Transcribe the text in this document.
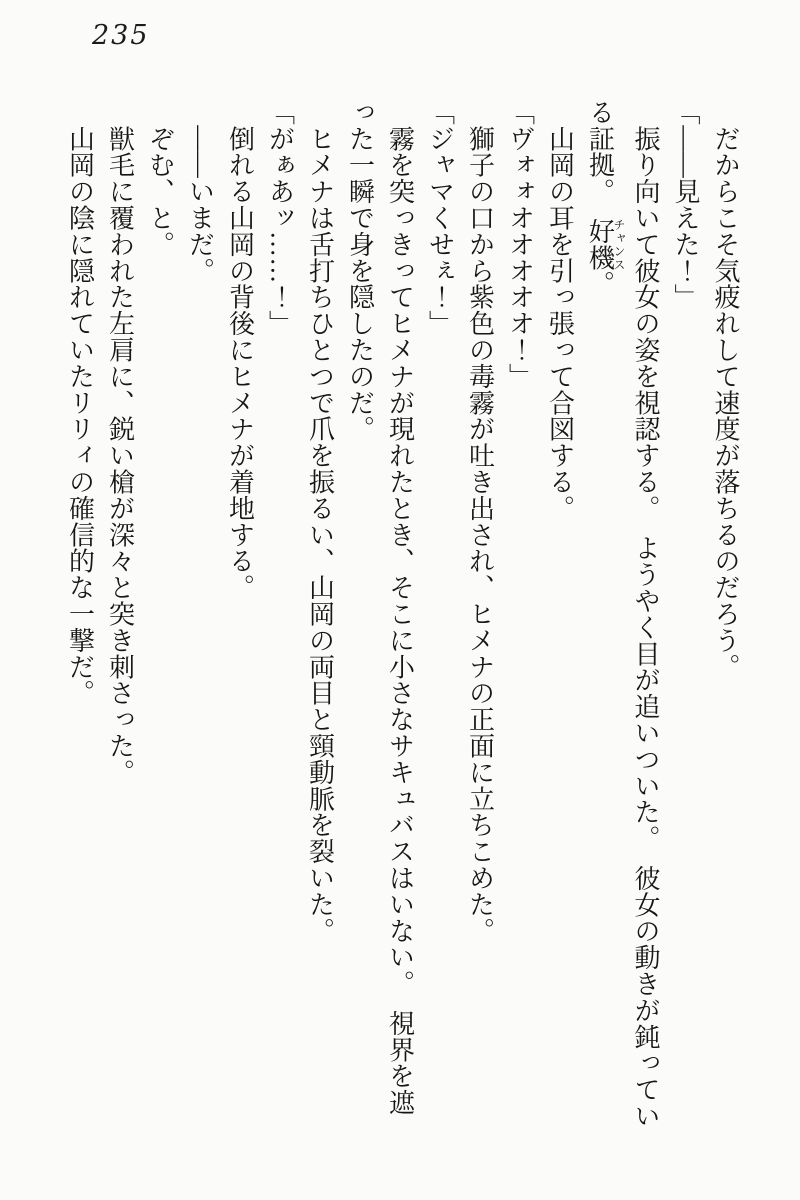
235

　だからこそ気疲れして速度が落ちるのだろう。

「——見えた！」

　振り向いて彼女の姿を視認する。　ようやく目が追いついた。　彼女の動きが鈍ってい

る証拠。　好機チャンス。

　山岡の耳を引っ張って合図する。

「ヴォォオオオオオ！」

　獅子の口から紫色の毒霧が吐き出され、ヒメナの正面に立ちこめた。

「ジャマくせぇ！」

　霧を突っきってヒメナが現れたとき、そこに小さなサキュバスはいない。　視界を遮

った一瞬で身を隠したのだ。

　ヒメナは舌打ちひとつで爪を振るい、山岡の両目と頸動脈を裂いた。

「がぁあッ……！」

　倒れる山岡の背後にヒメナが着地する。

　——いまだ。

　ぞむ、と。

　獣毛に覆われた左肩に、鋭い槍が深々と突き刺さった。

　山岡の陰に隠れていたリリィの確信的な一撃だ。
